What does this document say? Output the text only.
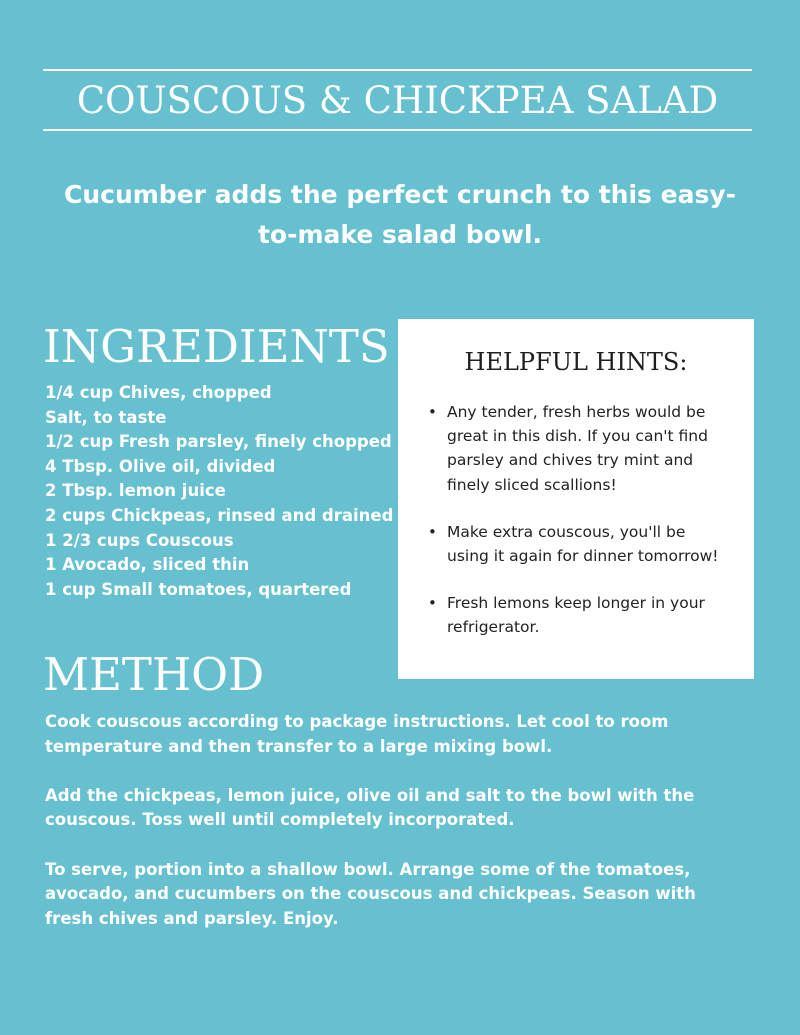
COUSCOUS & CHICKPEA SALAD
Cucumber adds the perfect crunch to this easy-to-make salad bowl.
INGREDIENTS
1/4 cup Chives, chopped
Salt, to taste
1/2 cup Fresh parsley, finely chopped
4 Tbsp. Olive oil, divided
2 Tbsp. lemon juice
2 cups Chickpeas, rinsed and drained
1 2/3 cups Couscous
1 Avocado, sliced thin
1 cup Small tomatoes, quartered
HELPFUL HINTS:
• Any tender, fresh herbs would be great in this dish. If you can't find parsley and chives try mint and finely sliced scallions!
• Make extra couscous, you'll be using it again for dinner tomorrow!
• Fresh lemons keep longer in your refrigerator.
METHOD

Cook couscous according to package instructions. Let cool to room temperature and then transfer to a large mixing bowl.

Add the chickpeas, lemon juice, olive oil and salt to the bowl with the couscous. Toss well until completely incorporated.

To serve, portion into a shallow bowl. Arrange some of the tomatoes, avocado, and cucumbers on the couscous and chickpeas. Season with fresh chives and parsley. Enjoy.
